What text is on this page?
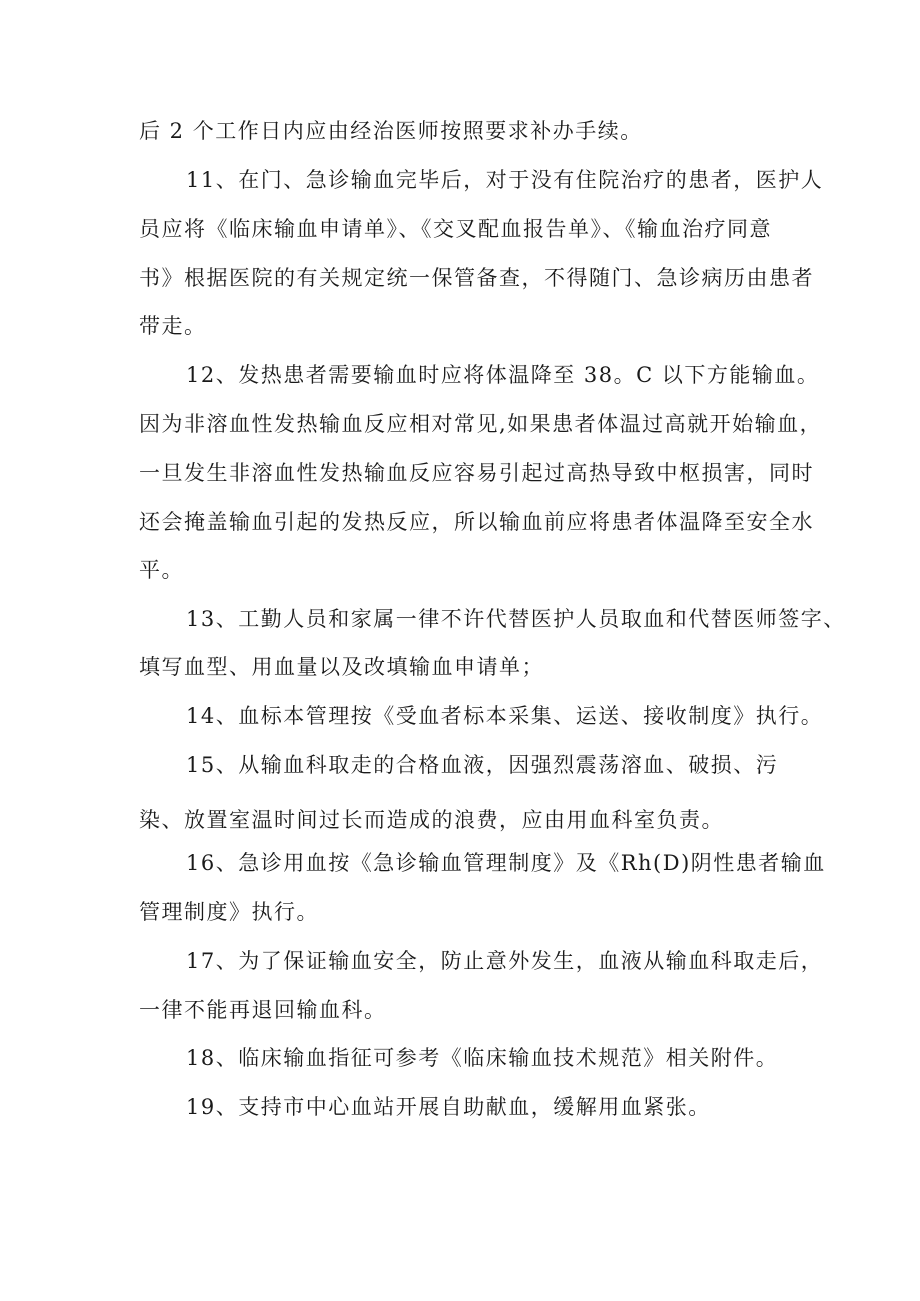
后 2 个工作日内应由经治医师按照要求补办手续。
11、在门、急诊输血完毕后，对于没有住院治疗的患者，医护人
员应将《临床输血申请单》、《交叉配血报告单》、《输血治疗同意
书》根据医院的有关规定统一保管备查，不得随门、急诊病历由患者
带走。
12、发热患者需要输血时应将体温降至 38。C 以下方能输血。
因为非溶血性发热输血反应相对常见,如果患者体温过高就开始输血，
一旦发生非溶血性发热输血反应容易引起过高热导致中枢损害，同时
还会掩盖输血引起的发热反应，所以输血前应将患者体温降至安全水
平。
13、工勤人员和家属一律不许代替医护人员取血和代替医师签字、
填写血型、用血量以及改填输血申请单；
14、血标本管理按《受血者标本采集、运送、接收制度》执行。
15、从输血科取走的合格血液，因强烈震荡溶血、破损、污
染、放置室温时间过长而造成的浪费，应由用血科室负责。
16、急诊用血按《急诊输血管理制度》及《Rh(D)阴性患者输血
管理制度》执行。
17、为了保证输血安全，防止意外发生，血液从输血科取走后，
一律不能再退回输血科。
18、临床输血指征可参考《临床输血技术规范》相关附件。
19、支持市中心血站开展自助献血，缓解用血紧张。
